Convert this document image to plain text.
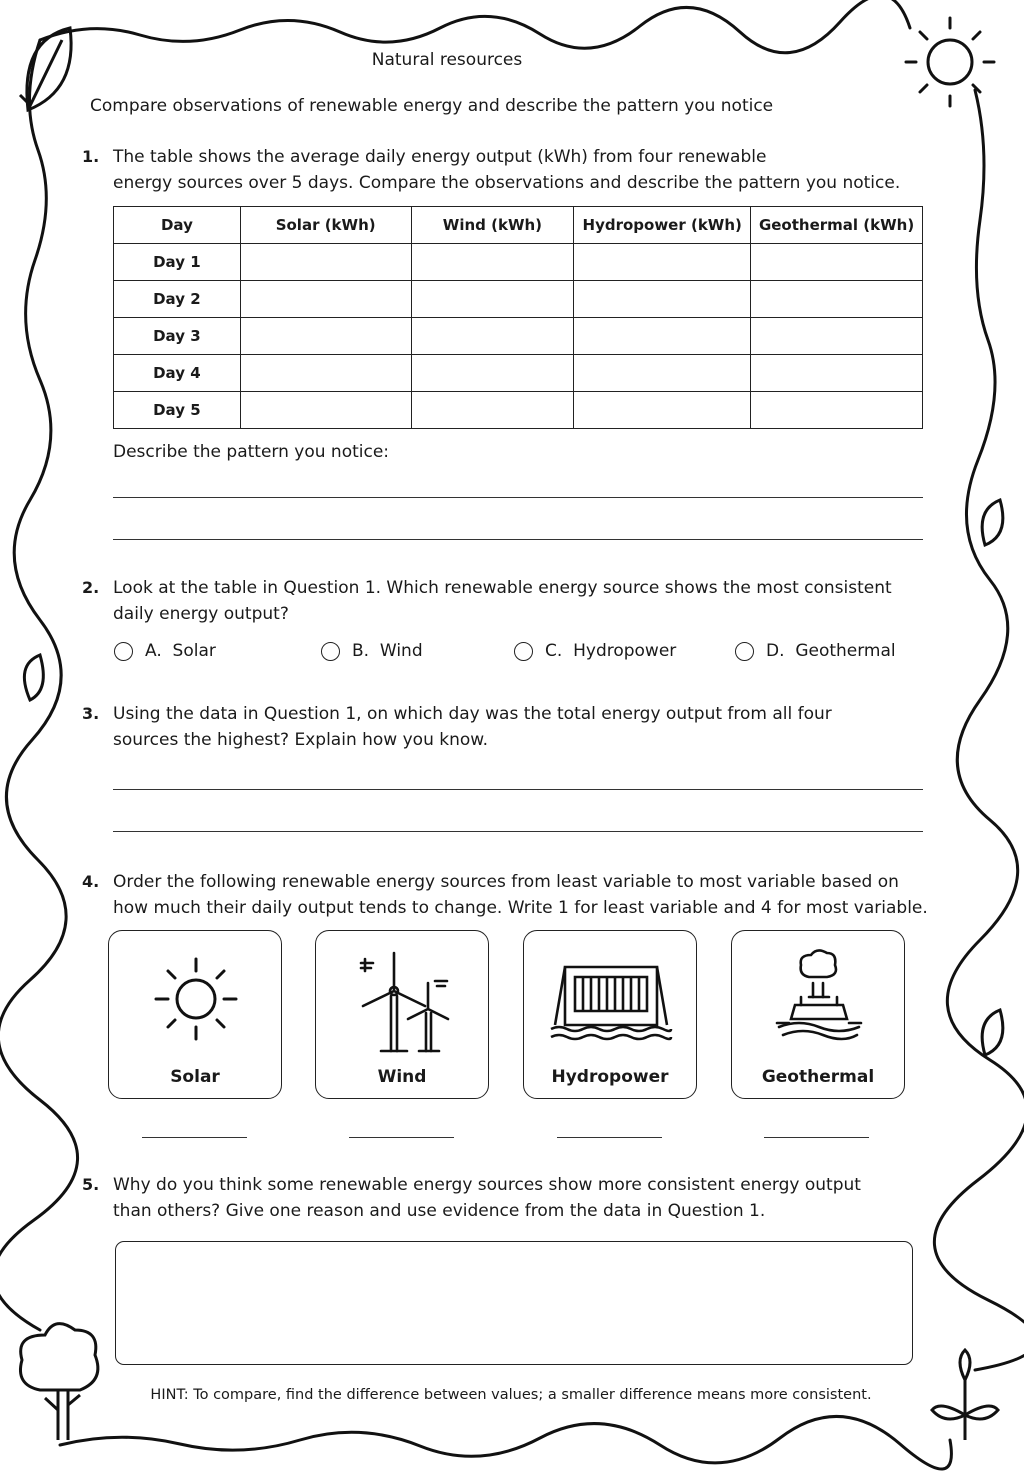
Natural resources
Compare observations of renewable energy and describe the pattern you notice
1. The table shows the average daily energy output (kWh) from four renewable
energy sources over 5 days. Compare the observations and describe the pattern you notice.
Day	Solar (kWh)	Wind (kWh)	Hydropower (kWh)	Geothermal (kWh)
Day 1				
Day 2				
Day 3				
Day 4				
Day 5				
Describe the pattern you notice:
2. Look at the table in Question 1. Which renewable energy source shows the most consistent
daily energy output?
A.
Solar	B.
Wind	C.
Hydropower	D.
Geothermal
3. Using the data in Question 1, on which day was the total energy output from all four
sources the highest? Explain how you know.
4. Order the following renewable energy sources from least variable to most variable based on
how much their daily output tends to change. Write 1 for least variable and 4 for most variable.
Solar	Wind	Hydropower	Geothermal
5. Why do you think some renewable energy sources show more consistent energy output
than others? Give one reason and use evidence from the data in Question 1.
HINT: To compare, find the difference between values; a smaller difference means more consistent.
